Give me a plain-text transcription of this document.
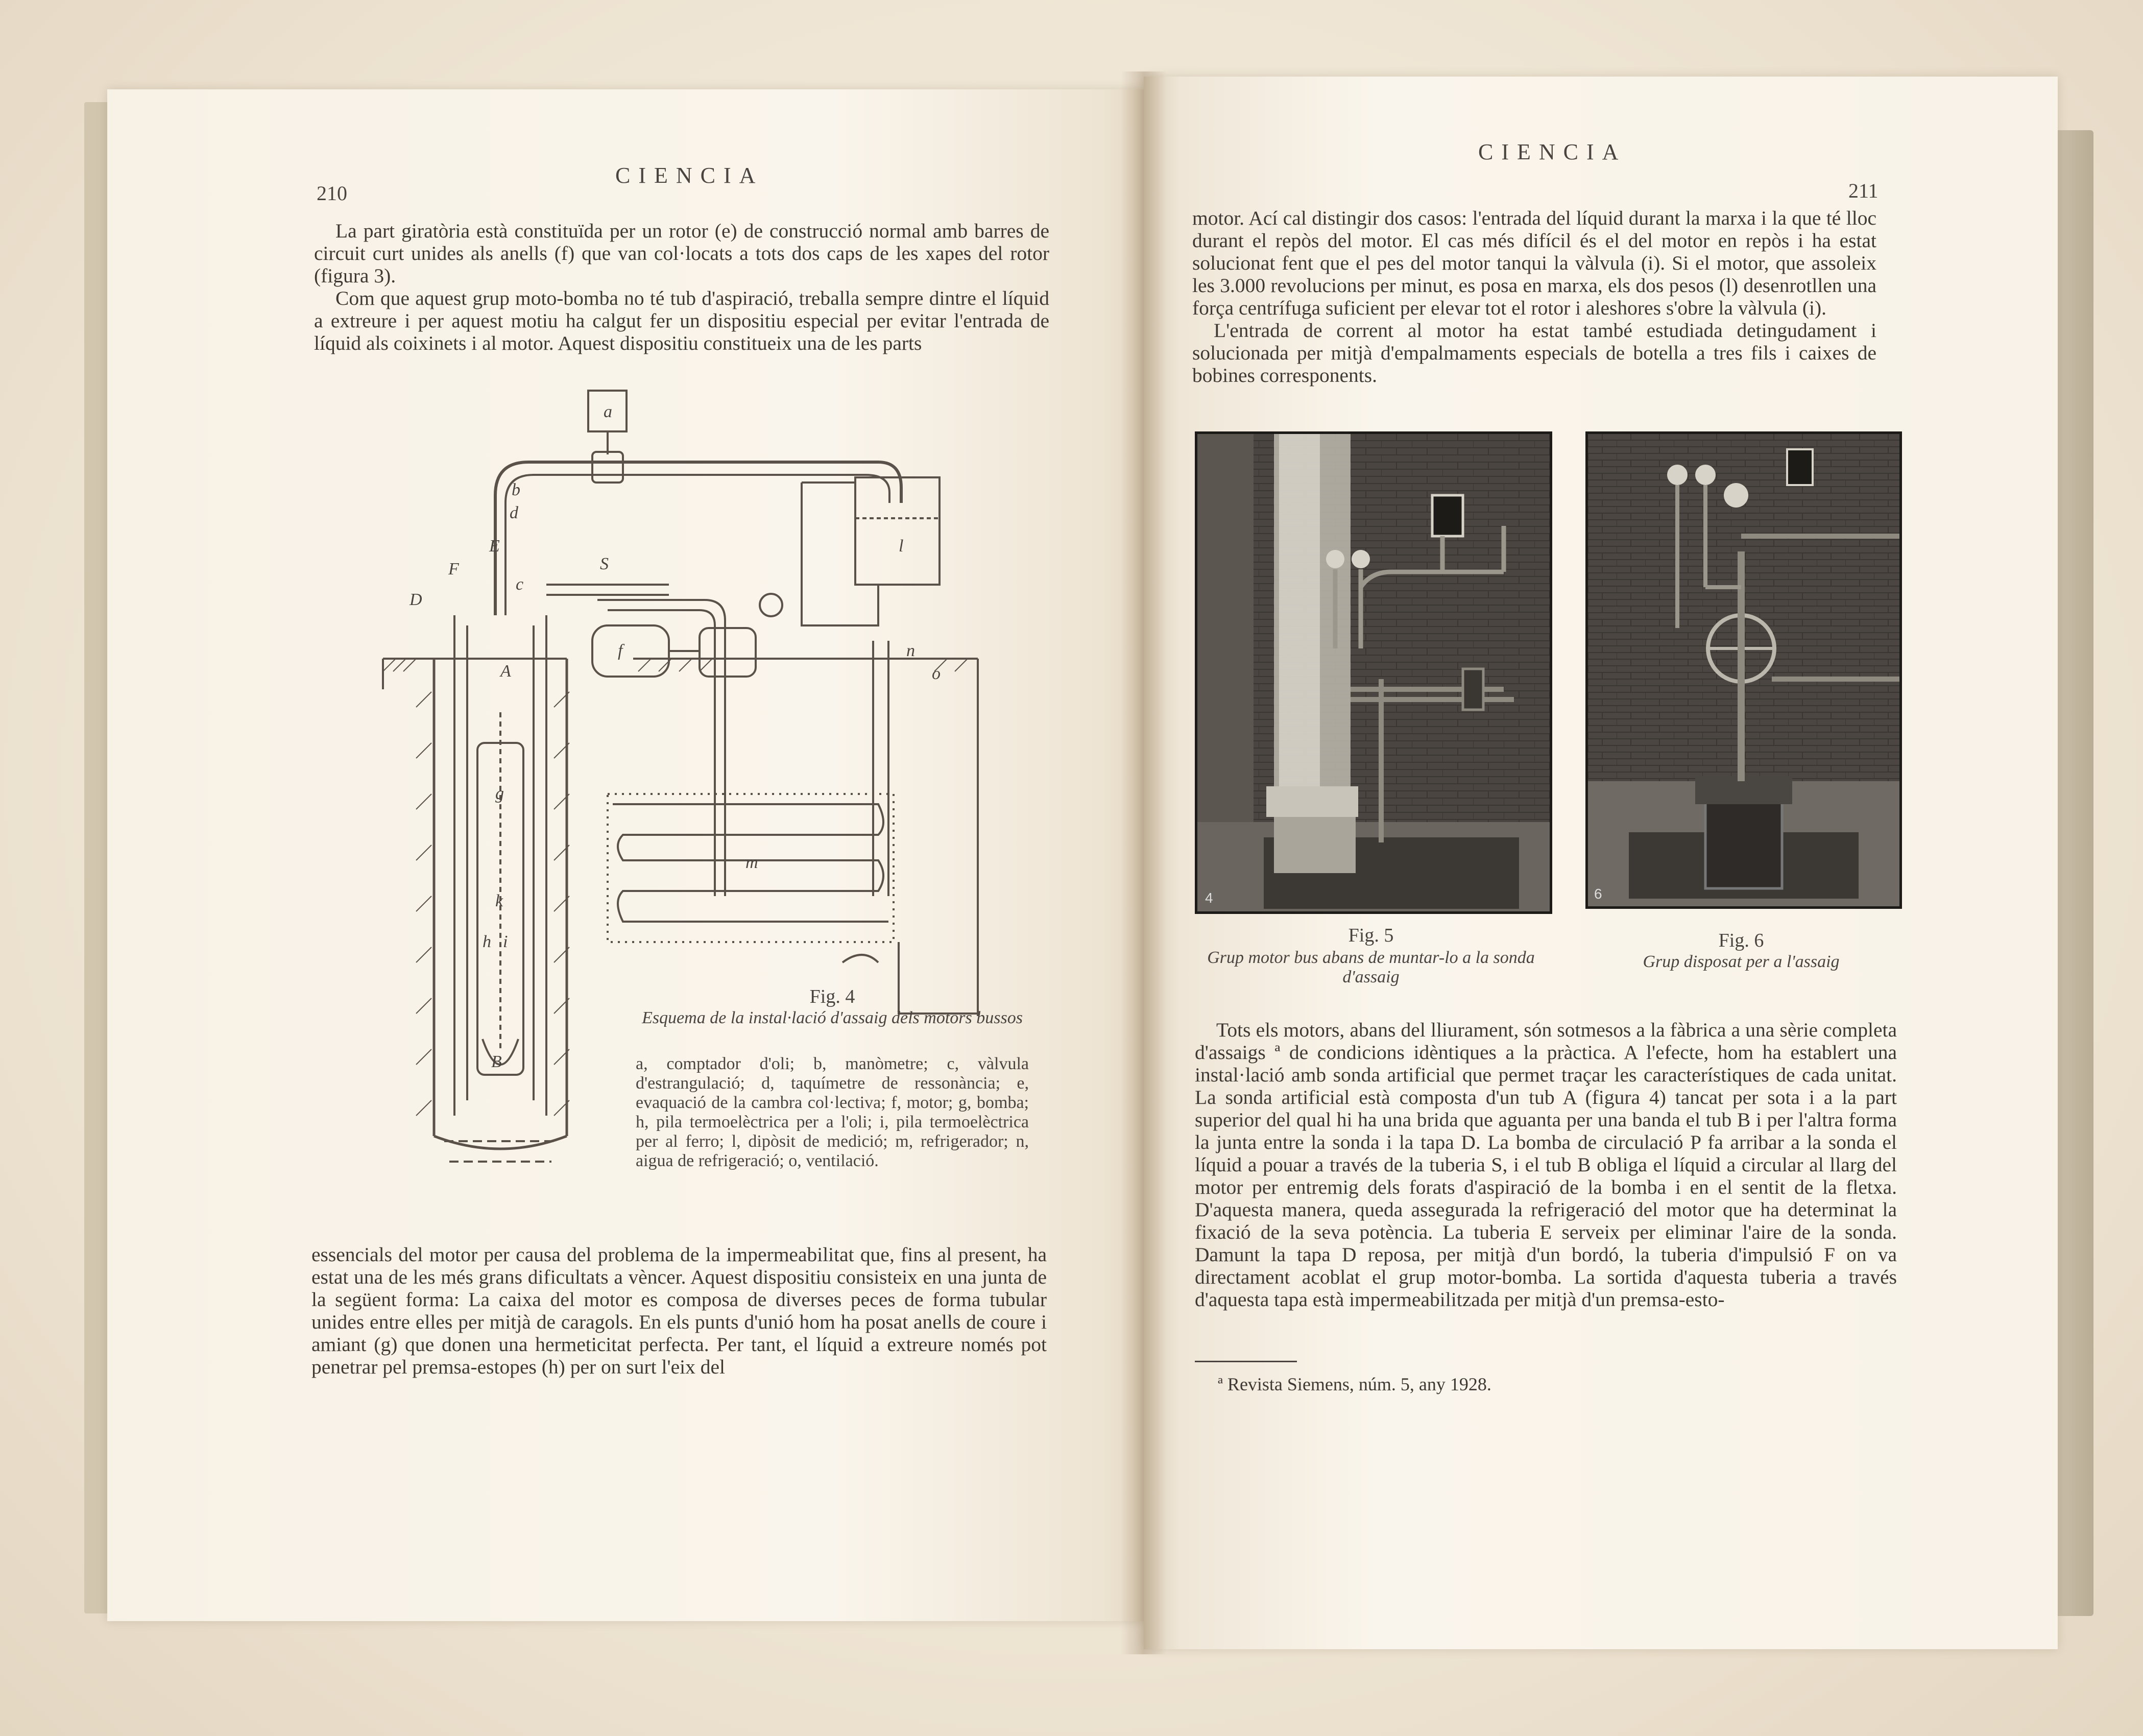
210
CIENCIA

La part giratòria està constituïda per un rotor (e) de construcció normal amb barres de circuit curt unides als anells (f) que van col·locats a tots dos caps de les xapes del rotor (figura 3).

Com que aquest grup moto-bomba no té tub d'aspiració, treballa sempre dintre el líquid a extreure i per aquest motiu ha calgut fer un dispositiu especial per evitar l'entrada de líquid als coixinets i al motor. Aquest dispositiu constitueix una de les parts

a
b
c
d
D
E
F	S
f
l
m
n
o
A
g
k
h i
B
Fig. 4
Esquema de la instal·lació d'assaig dels motors bussos
a, comptador d'oli; b, manòmetre; c, vàlvula d'estrangulació; d, taquímetre de ressonància; e, evaquació de la cambra col·lectiva; f, motor; g, bomba; h, pila termoelèctrica per a l'oli; i, pila termoelèctrica per al ferro; l, dipòsit de medició; m, refrigerador; n, aigua de refrigeració; o, ventilació.

essencials del motor per causa del problema de la impermeabilitat que, fins al present, ha estat una de les més grans dificultats a vèncer. Aquest dispositiu consisteix en una junta de la següent forma: La caixa del motor es composa de diverses peces de forma tubular unides entre elles per mitjà de caragols. En els punts d'unió hom ha posat anells de coure i amiant (g) que donen una hermeticitat perfecta. Per tant, el líquid a extreure només pot penetrar pel premsa-estopes (h) per on surt l'eix del

CIENCIA
211

motor. Ací cal distingir dos casos: l'entrada del líquid durant la marxa i la que té lloc durant el repòs del motor. El cas més difícil és el del motor en repòs i ha estat solucionat fent que el pes del motor tanqui la vàlvula (i). Si el motor, que assoleix les 3.000 revolucions per minut, es posa en marxa, els dos pesos (l) desenrotllen una força centrífuga suficient per elevar tot el rotor i aleshores s'obre la vàlvula (i).

L'entrada de corrent al motor ha estat també estudiada detingudament i solucionada per mitjà d'empalmaments especials de botella a tres fils i caixes de bobines corresponents.

4	6
Fig. 5
Grup motor bus abans de muntar-lo a la sonda d'assaig
Fig. 6
Grup disposat per a l'assaig

Tots els motors, abans del lliurament, són sotmesos a la fàbrica a una sèrie completa d'assaigs ª de condicions idèntiques a la pràctica. A l'efecte, hom ha establert una instal·lació amb sonda artificial que permet traçar les característiques de cada unitat. La sonda artificial està composta d'un tub A (figura 4) tancat per sota i a la part superior del qual hi ha una brida que aguanta per una banda el tub B i per l'altra forma la junta entre la sonda i la tapa D. La bomba de circulació P fa arribar a la sonda el líquid a pouar a través de la tuberia S, i el tub B obliga el líquid a circular al llarg del motor per entremig dels forats d'aspiració de la bomba i en el sentit de la fletxa. D'aquesta manera, queda assegurada la refrigeració del motor que ha determinat la fixació de la seva potència. La tuberia E serveix per eliminar l'aire de la sonda. Damunt la tapa D reposa, per mitjà d'un bordó, la tuberia d'impulsió F on va directament acoblat el grup motor-bomba. La sortida d'aquesta tuberia a través d'aquesta tapa està impermeabilitzada per mitjà d'un premsa-esto-

ª Revista Siemens, núm. 5, any 1928.
